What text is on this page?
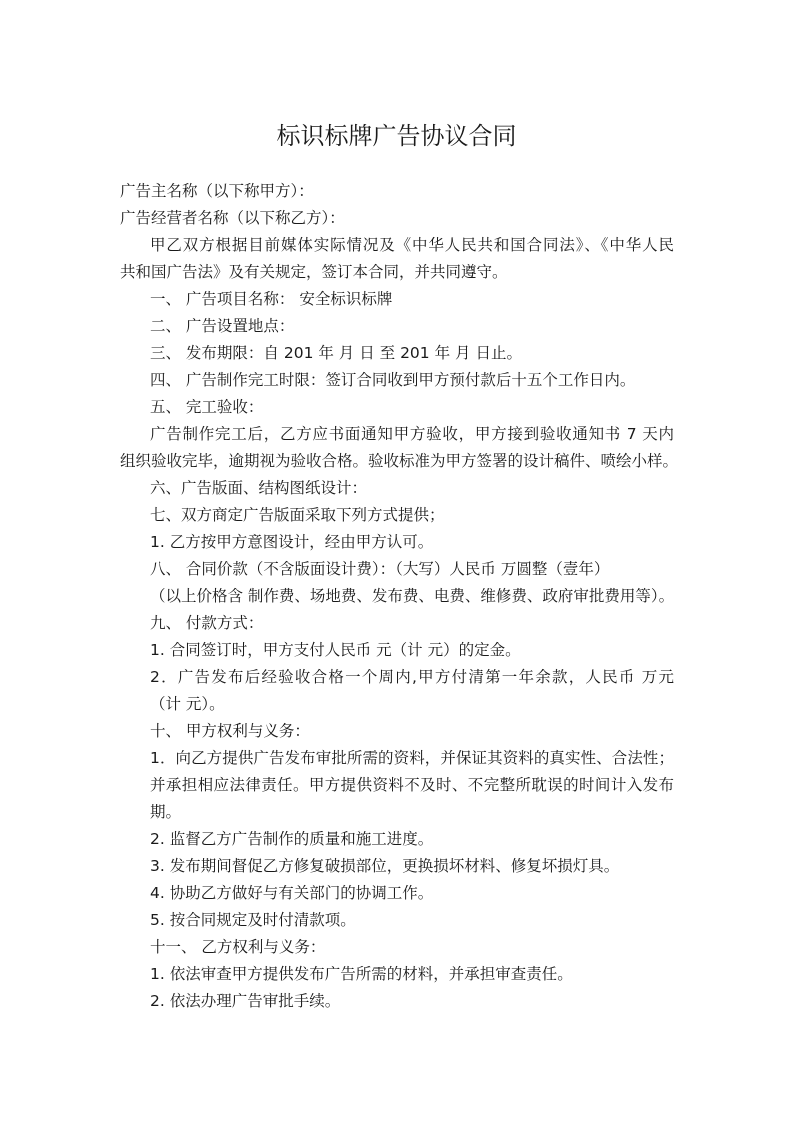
标识标牌广告协议合同
广告主名称（以下称甲方）：
广告经营者名称（以下称乙方）：
甲乙双方根据目前媒体实际情况及《中华人民共和国合同法》、《中华人民
共和国广告法》及有关规定，签订本合同，并共同遵守。
一、 广告项目名称： 安全标识标牌
二、 广告设置地点：
三、 发布期限：自 201 年 月 日 至 201 年 月 日止。
四、 广告制作完工时限：签订合同收到甲方预付款后十五个工作日内。
五、 完工验收：
广告制作完工后，乙方应书面通知甲方验收，甲方接到验收通知书 7 天内
组织验收完毕，逾期视为验收合格。验收标准为甲方签署的设计稿件、喷绘小样。
六、广告版面、结构图纸设计：
七、双方商定广告版面采取下列方式提供；
1. 乙方按甲方意图设计，经由甲方认可。
八、 合同价款（不含版面设计费）：（大写）人民币 万圆整（壹年）
（以上价格含 制作费、场地费、发布费、电费、维修费、政府审批费用等）。
九、 付款方式：
1. 合同签订时，甲方支付人民币 元（计 元）的定金。
2．广告发布后经验收合格一个周内,甲方付清第一年余款，人民币 万元
（计 元）。
十、 甲方权利与义务：
1．向乙方提供广告发布审批所需的资料，并保证其资料的真实性、合法性；
并承担相应法律责任。甲方提供资料不及时、不完整所耽误的时间计入发布
期。
2. 监督乙方广告制作的质量和施工进度。
3. 发布期间督促乙方修复破损部位，更换损坏材料、修复坏损灯具。
4. 协助乙方做好与有关部门的协调工作。
5. 按合同规定及时付清款项。
十一、 乙方权利与义务：
1. 依法审查甲方提供发布广告所需的材料，并承担审查责任。
2. 依法办理广告审批手续。
